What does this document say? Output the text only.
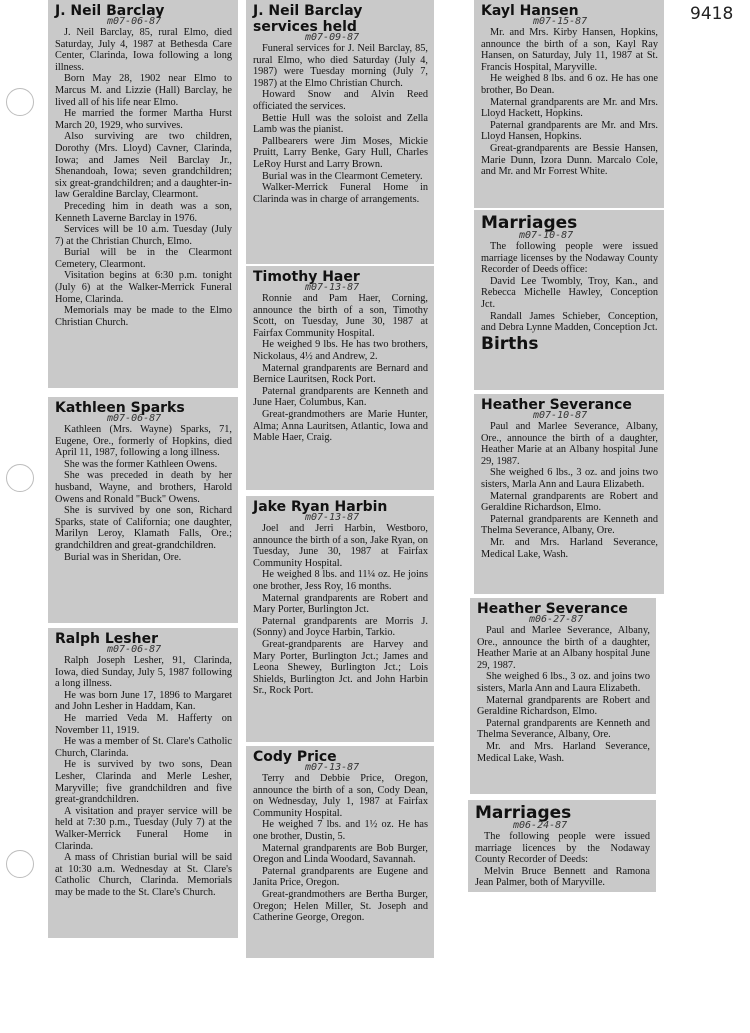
9418
J. Neil Barclay
m07-06-87

J. Neil Barclay, 85, rural Elmo, died Saturday, July 4, 1987 at Bethesda Care Center, Clarinda, Iowa following a long illness.

Born May 28, 1902 near Elmo to Marcus M. and Lizzie (Hall) Barclay, he lived all of his life near Elmo.

He married the former Martha Hurst March 20, 1929, who survives.

Also surviving are two children, Dorothy (Mrs. Lloyd) Cavner, Clarinda, Iowa; and James Neil Barclay Jr., Shenandoah, Iowa; seven grandchildren; six great-grandchildren; and a daughter-in-law Geraldine Barclay, Clearmont.

Preceding him in death was a son, Kenneth Laverne Barclay in 1976.

Services will be 10 a.m. Tuesday (July 7) at the Christian Church, Elmo.

Burial will be in the Clearmont Cemetery, Clearmont.

Visitation begins at 6:30 p.m. tonight (July 6) at the Walker-Merrick Funeral Home, Clarinda.

Memorials may be made to the Elmo Christian Church.

Kathleen Sparks
m07-06-87

Kathleen (Mrs. Wayne) Sparks, 71, Eugene, Ore., formerly of Hopkins, died April 11, 1987, following a long illness.

She was the former Kathleen Owens.

She was preceded in death by her husband, Wayne, and brothers, Harold Owens and Ronald "Buck" Owens.

She is survived by one son, Richard Sparks, state of California; one daughter, Marilyn Leroy, Klamath Falls, Ore.; grandchildren and great-grandchildren.

Burial was in Sheridan, Ore.

Ralph Lesher
m07-06-87

Ralph Joseph Lesher, 91, Clarinda, Iowa, died Sunday, July 5, 1987 following a long illness.

He was born June 17, 1896 to Margaret and John Lesher in Haddam, Kan.

He married Veda M. Hafferty on November 11, 1919.

He was a member of St. Clare's Catholic Church, Clarinda.

He is survived by two sons, Dean Lesher, Clarinda and Merle Lesher, Maryville; five grandchildren and five great-grandchildren.

A visitation and prayer service will be held at 7:30 p.m., Tuesday (July 7) at the Walker-Merrick Funeral Home in Clarinda.

A mass of Christian burial will be said at 10:30 a.m. Wednesday at St. Clare's Catholic Church, Clarinda. Memorials may be made to the St. Clare's Church.

J. Neil Barclay services held
m07-09-87

Funeral services for J. Neil Barclay, 85, rural Elmo, who died Saturday (July 4, 1987) were Tuesday morning (July 7, 1987) at the Elmo Christian Church.

Howard Snow and Alvin Reed officiated the services.

Bettie Hull was the soloist and Zella Lamb was the pianist.

Pallbearers were Jim Moses, Mickie Pruitt, Larry Benke, Gary Hull, Charles LeRoy Hurst and Larry Brown.

Burial was in the Clearmont Cemetery.

Walker-Merrick Funeral Home in Clarinda was in charge of arrangements.

Timothy Haer
m07-13-87

Ronnie and Pam Haer, Corning, announce the birth of a son, Timothy Scott, on Tuesday, June 30, 1987 at Fairfax Community Hospital.

He weighed 9 lbs. He has two brothers, Nickolaus, 4½ and Andrew, 2.

Maternal grandparents are Bernard and Bernice Lauritsen, Rock Port.

Paternal grandparents are Kenneth and June Haer, Columbus, Kan.

Great-grandmothers are Marie Hunter, Alma; Anna Lauritsen, Atlantic, Iowa and Mable Haer, Craig.

Jake Ryan Harbin
m07-13-87

Joel and Jerri Harbin, Westboro, announce the birth of a son, Jake Ryan, on Tuesday, June 30, 1987 at Fairfax Community Hospital.

He weighed 8 lbs. and 11¼ oz. He joins one brother, Jess Roy, 16 months.

Maternal grandparents are Robert and Mary Porter, Burlington Jct.

Paternal grandparents are Morris J. (Sonny) and Joyce Harbin, Tarkio.

Great-grandparents are Harvey and Mary Porter, Burlington Jct.; James and Leona Shewey, Burlington Jct.; Lois Shields, Burlington Jct. and John Harbin Sr., Rock Port.

Cody Price
m07-13-87

Terry and Debbie Price, Oregon, announce the birth of a son, Cody Dean, on Wednesday, July 1, 1987 at Fairfax Community Hospital.

He weighed 7 lbs. and 1½ oz. He has one brother, Dustin, 5.

Maternal grandparents are Bob Burger, Oregon and Linda Woodard, Savannah.

Paternal grandparents are Eugene and Janita Price, Oregon.

Great-grandmothers are Bertha Burger, Oregon; Helen Miller, St. Joseph and Catherine George, Oregon.

Kayl Hansen
m07-15-87

Mr. and Mrs. Kirby Hansen, Hopkins, announce the birth of a son, Kayl Ray Hansen, on Saturday, July 11, 1987 at St. Francis Hospital, Maryville.

He weighed 8 lbs. and 6 oz. He has one brother, Bo Dean.

Maternal grandparents are Mr. and Mrs. Lloyd Hackett, Hopkins.

Paternal grandparents are Mr. and Mrs. Lloyd Hansen, Hopkins.

Great-grandparents are Bessie Hansen, Marie Dunn, Izora Dunn. Marcalo Cole, and Mr. and Mr Forrest White.

Marriages
m07-10-87

The following people were issued marriage licenses by the Nodaway County Recorder of Deeds office:

David Lee Twombly, Troy, Kan., and Rebecca Michelle Hawley, Conception Jct.

Randall James Schieber, Conception, and Debra Lynne Madden, Conception Jct.

Births
Heather Severance
m07-10-87

Paul and Marlee Severance, Albany, Ore., announce the birth of a daughter, Heather Marie at an Albany hospital June 29, 1987.

She weighed 6 lbs., 3 oz. and joins two sisters, Marla Ann and Laura Elizabeth.

Maternal grandparents are Robert and Geraldine Richardson, Elmo.

Paternal grandparents are Kenneth and Thelma Severance, Albany, Ore.

Mr. and Mrs. Harland Severance, Medical Lake, Wash.

Heather Severance
m06-27-87

Paul and Marlee Severance, Albany, Ore., announce the birth of a daughter, Heather Marie at an Albany hospital June 29, 1987.

She weighed 6 lbs., 3 oz. and joins two sisters, Marla Ann and Laura Elizabeth.

Maternal grandparents are Robert and Geraldine Richardson, Elmo.

Paternal grandparents are Kenneth and Thelma Severance, Albany, Ore.

Mr. and Mrs. Harland Severance, Medical Lake, Wash.

Marriages
m06-24-87

The following people were issued marriage licences by the Nodaway County Recorder of Deeds:

Melvin Bruce Bennett and Ramona Jean Palmer, both of Maryville.
